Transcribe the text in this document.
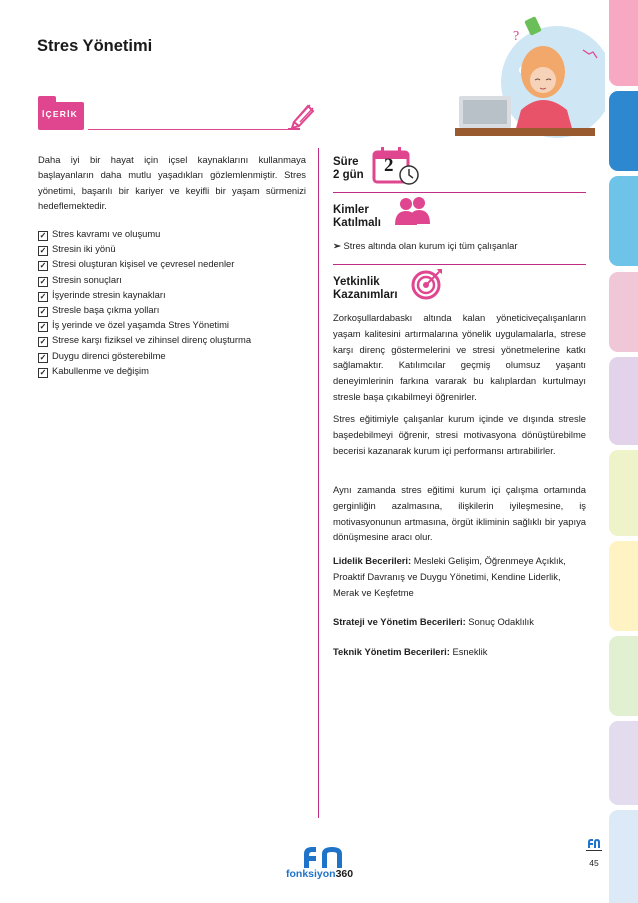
Stres Yönetimi
?
İÇERİK

Daha iyi bir hayat için içsel kaynaklarını kullanmaya başlayanların daha mutlu yaşadıkları gözlemlenmiştir. Stres yönetimi, başarılı bir kariyer ve keyifli bir yaşam sürmenizi hedeflemektedir.

✓ Stres kavramı ve oluşumu
✓ Stresin iki yönü
✓ Stresi oluşturan kişisel ve çevresel nedenler
✓ Stresin sonuçları
✓ İşyerinde stresin kaynakları
✓ Stresle başa çıkma yolları
✓ İş yerinde ve özel yaşamda Stres Yönetimi
✓ Strese karşı fiziksel ve zihinsel direnç oluşturma
✓ Duygu direnci gösterebilme
✓ Kabullenme ve değişim
Süre
2 gün 2
Kimler
Katılmalı
➢ Stres altında olan kurum içi tüm çalışanlar
Yetkinlik
Kazanımları

Zorkoşullardabaskı altında kalan yöneticiveçalışanların yaşam kalitesini artırmalarına yönelik uygulamalarla, strese karşı direnç göstermelerini ve stresi yönetmelerine katkı sağlamaktır. Katılımcılar geçmiş olumsuz yaşantı deneyimlerinin farkına vararak bu kalıplardan kurtulmayı stresle başa çıkabilmeyi öğrenirler.

Stres eğitimiyle çalışanlar kurum içinde ve dışında stresle başedebilmeyi öğrenir, stresi motivasyona dönüştürebilme becerisi kazanarak kurum içi performansı artırabilirler.

Aynı zamanda stres eğitimi kurum içi çalışma ortamında gerginliğin azalmasına, ilişkilerin iyileşmesine, iş motivasyonunun artmasına, örgüt ikliminin sağlıklı bir yapıya dönüşmesine aracı olur.

Lidelik Becerileri: Mesleki Gelişim, Öğrenmeye Açıklık, Proaktif Davranış ve Duygu Yönetimi, Kendine Liderlik, Merak ve Keşfetme

Strateji ve Yönetim Becerileri: Sonuç Odaklılık

Teknik Yönetim Becerileri: Esneklik

fonksiyon360
45
